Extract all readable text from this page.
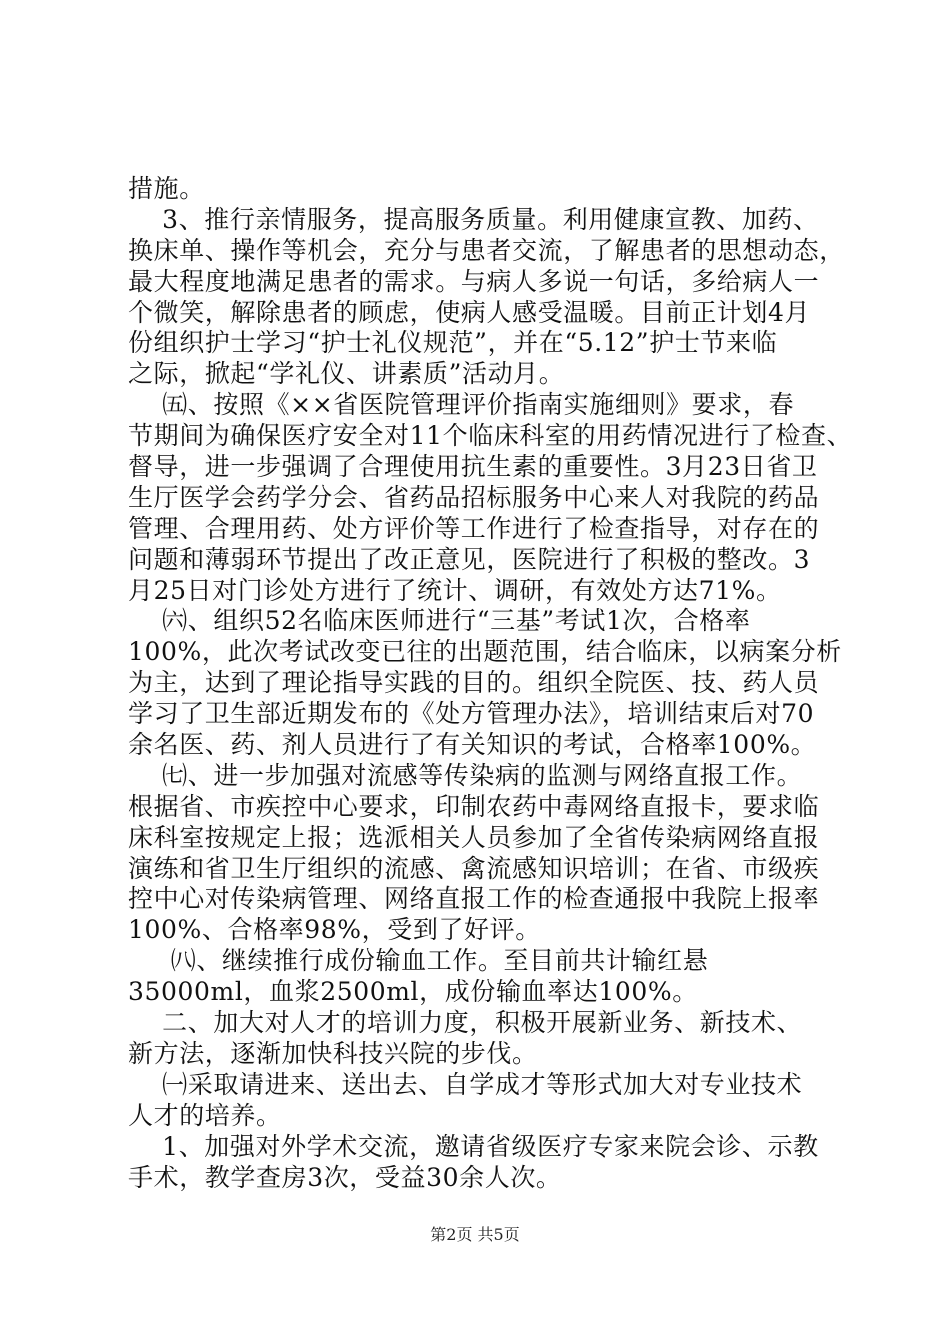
措施。
3、推行亲情服务，提高服务质量。利用健康宣教、加药、
换床单、操作等机会，充分与患者交流，了解患者的思想动态，
最大程度地满足患者的需求。与病人多说一句话，多给病人一
个微笑，解除患者的顾虑，使病人感受温暖。目前正计划4月
份组织护士学习“护士礼仪规范”，并在“5.12”护士节来临
之际，掀起“学礼仪、讲素质”活动月。
㈤、按照《××省医院管理评价指南实施细则》要求，春
节期间为确保医疗安全对11个临床科室的用药情况进行了检查、
督导，进一步强调了合理使用抗生素的重要性。3月23日省卫
生厅医学会药学分会、省药品招标服务中心来人对我院的药品
管理、合理用药、处方评价等工作进行了检查指导，对存在的
问题和薄弱环节提出了改正意见，医院进行了积极的整改。3
月25日对门诊处方进行了统计、调研，有效处方达71%。
㈥、组织52名临床医师进行“三基”考试1次，合格率
100%，此次考试改变已往的出题范围，结合临床，以病案分析
为主，达到了理论指导实践的目的。组织全院医、技、药人员
学习了卫生部近期发布的《处方管理办法》，培训结束后对70
余名医、药、剂人员进行了有关知识的考试，合格率100%。
㈦、进一步加强对流感等传染病的监测与网络直报工作。
根据省、市疾控中心要求，印制农药中毒网络直报卡，要求临
床科室按规定上报；选派相关人员参加了全省传染病网络直报
演练和省卫生厅组织的流感、禽流感知识培训；在省、市级疾
控中心对传染病管理、网络直报工作的检查通报中我院上报率
100%、合格率98%，受到了好评。
㈧、继续推行成份输血工作。至目前共计输红悬
35000ml，血浆2500ml，成份输血率达100%。
二、加大对人才的培训力度，积极开展新业务、新技术、
新方法，逐渐加快科技兴院的步伐。
㈠采取请进来、送出去、自学成才等形式加大对专业技术
人才的培养。
1、加强对外学术交流，邀请省级医疗专家来院会诊、示教
手术，教学查房3次，受益30余人次。
第2页 共5页
